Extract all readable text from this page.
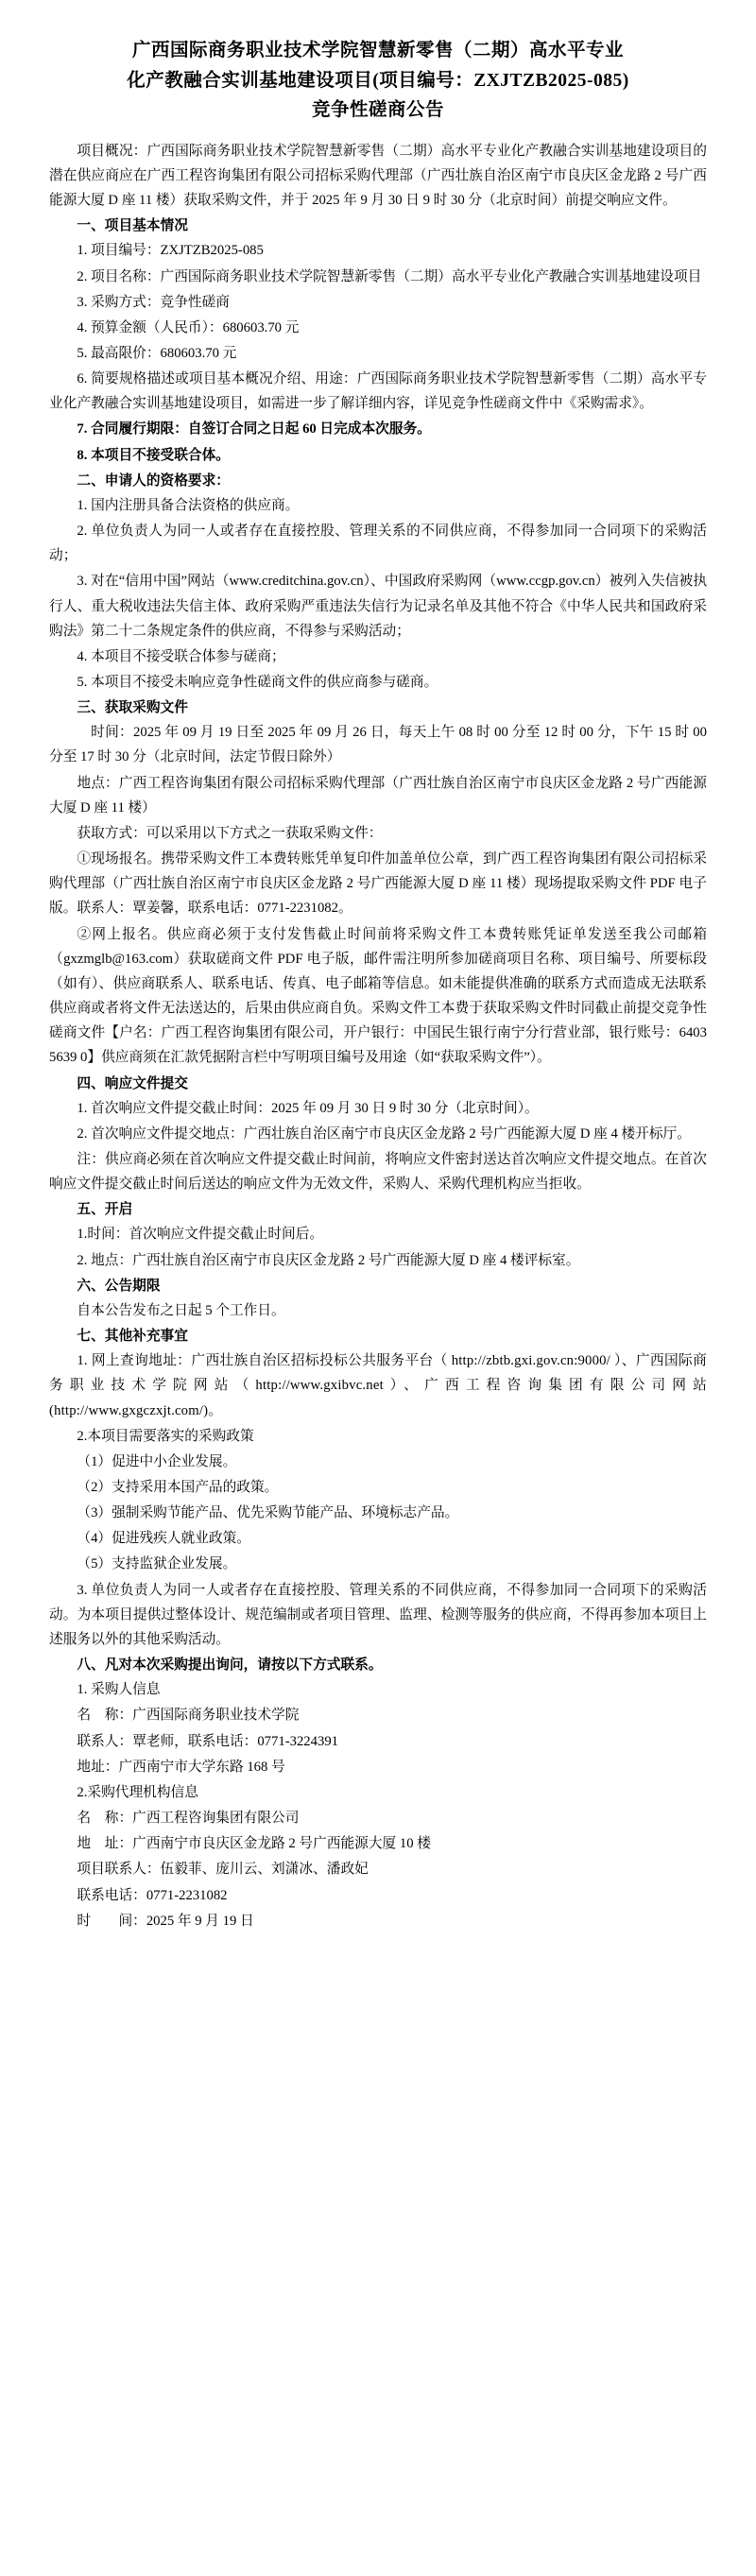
广西国际商务职业技术学院智慧新零售（二期）高水平专业
化产教融合实训基地建设项目(项目编号：ZXJTZB2025-085)
竞争性磋商公告

项目概况：广西国际商务职业技术学院智慧新零售（二期）高水平专业化产教融合实训基地建设项目的潜在供应商应在广西工程咨询集团有限公司招标采购代理部（广西壮族自治区南宁市良庆区金龙路 2 号广西能源大厦 D 座 11 楼）获取采购文件，并于 2025 年 9 月 30 日 9 时 30 分（北京时间）前提交响应文件。

一、项目基本情况

1. 项目编号：ZXJTZB2025-085

2. 项目名称：广西国际商务职业技术学院智慧新零售（二期）高水平专业化产教融合实训基地建设项目

3. 采购方式：竞争性磋商

4. 预算金额（人民币）：680603.70 元

5. 最高限价：680603.70 元

6. 简要规格描述或项目基本概况介绍、用途：广西国际商务职业技术学院智慧新零售（二期）高水平专业化产教融合实训基地建设项目，如需进一步了解详细内容，详见竞争性磋商文件中《采购需求》。

7. 合同履行期限：自签订合同之日起 60 日完成本次服务。

8. 本项目不接受联合体。

二、申请人的资格要求：

1. 国内注册具备合法资格的供应商。

2. 单位负责人为同一人或者存在直接控股、管理关系的不同供应商，不得参加同一合同项下的采购活动；

3. 对在“信用中国”网站（www.creditchina.gov.cn）、中国政府采购网（www.ccgp.gov.cn）被列入失信被执行人、重大税收违法失信主体、政府采购严重违法失信行为记录名单及其他不符合《中华人民共和国政府采购法》第二十二条规定条件的供应商，不得参与采购活动；

4. 本项目不接受联合体参与磋商；

5. 本项目不接受未响应竞争性磋商文件的供应商参与磋商。

三、获取采购文件

时间：2025 年 09 月 19 日至 2025 年 09 月 26 日，每天上午 08 时 00 分至 12 时 00 分，下午 15 时 00 分至 17 时 30 分（北京时间，法定节假日除外）

地点：广西工程咨询集团有限公司招标采购代理部（广西壮族自治区南宁市良庆区金龙路 2 号广西能源大厦 D 座 11 楼）

获取方式：可以采用以下方式之一获取采购文件：

①现场报名。携带采购文件工本费转账凭单复印件加盖单位公章，到广西工程咨询集团有限公司招标采购代理部（广西壮族自治区南宁市良庆区金龙路 2 号广西能源大厦 D 座 11 楼）现场提取采购文件 PDF 电子版。联系人：覃姜馨，联系电话：0771-2231082。

②网上报名。供应商必须于支付发售截止时间前将采购文件工本费转账凭证单发送至我公司邮箱（gxzmglb@163.com）获取磋商文件 PDF 电子版，邮件需注明所参加磋商项目名称、项目编号、所要标段（如有）、供应商联系人、联系电话、传真、电子邮箱等信息。如未能提供准确的联系方式而造成无法联系供应商或者将文件无法送达的，后果由供应商自负。采购文件工本费于获取采购文件时同截止前提交竞争性磋商文件【户名：广西工程咨询集团有限公司，开户银行：中国民生银行南宁分行营业部，银行账号：6403 5639 0】供应商须在汇款凭据附言栏中写明项目编号及用途（如“获取采购文件”）。

四、响应文件提交

1. 首次响应文件提交截止时间：2025 年 09 月 30 日 9 时 30 分（北京时间）。

2. 首次响应文件提交地点：广西壮族自治区南宁市良庆区金龙路 2 号广西能源大厦 D 座 4 楼开标厅。

注：供应商必须在首次响应文件提交截止时间前，将响应文件密封送达首次响应文件提交地点。在首次响应文件提交截止时间后送达的响应文件为无效文件，采购人、采购代理机构应当拒收。

五、开启

1.时间：首次响应文件提交截止时间后。

2. 地点：广西壮族自治区南宁市良庆区金龙路 2 号广西能源大厦 D 座 4 楼评标室。

六、公告期限

自本公告发布之日起 5 个工作日。

七、其他补充事宜

1. 网上查询地址：广西壮族自治区招标投标公共服务平台（ http://zbtb.gxi.gov.cn:9000/ ）、广西国际商务职业技术学院网站（http://www.gxibvc.net）、广西工程咨询集团有限公司网站(http://www.gxgczxjt.com/)。

2.本项目需要落实的采购政策

（1）促进中小企业发展。

（2）支持采用本国产品的政策。

（3）强制采购节能产品、优先采购节能产品、环境标志产品。

（4）促进残疾人就业政策。

（5）支持监狱企业发展。

3. 单位负责人为同一人或者存在直接控股、管理关系的不同供应商，不得参加同一合同项下的采购活动。为本项目提供过整体设计、规范编制或者项目管理、监理、检测等服务的供应商，不得再参加本项目上述服务以外的其他采购活动。

八、凡对本次采购提出询问，请按以下方式联系。

1. 采购人信息

名　称：广西国际商务职业技术学院

联系人：覃老师，联系电话：0771-3224391

地址：广西南宁市大学东路 168 号

2.采购代理机构信息

名　称：广西工程咨询集团有限公司

地　址：广西南宁市良庆区金龙路 2 号广西能源大厦 10 楼

项目联系人：伍毅菲、庞川云、刘潇冰、潘政妃

联系电话：0771-2231082

时　　间：2025 年 9 月 19 日
